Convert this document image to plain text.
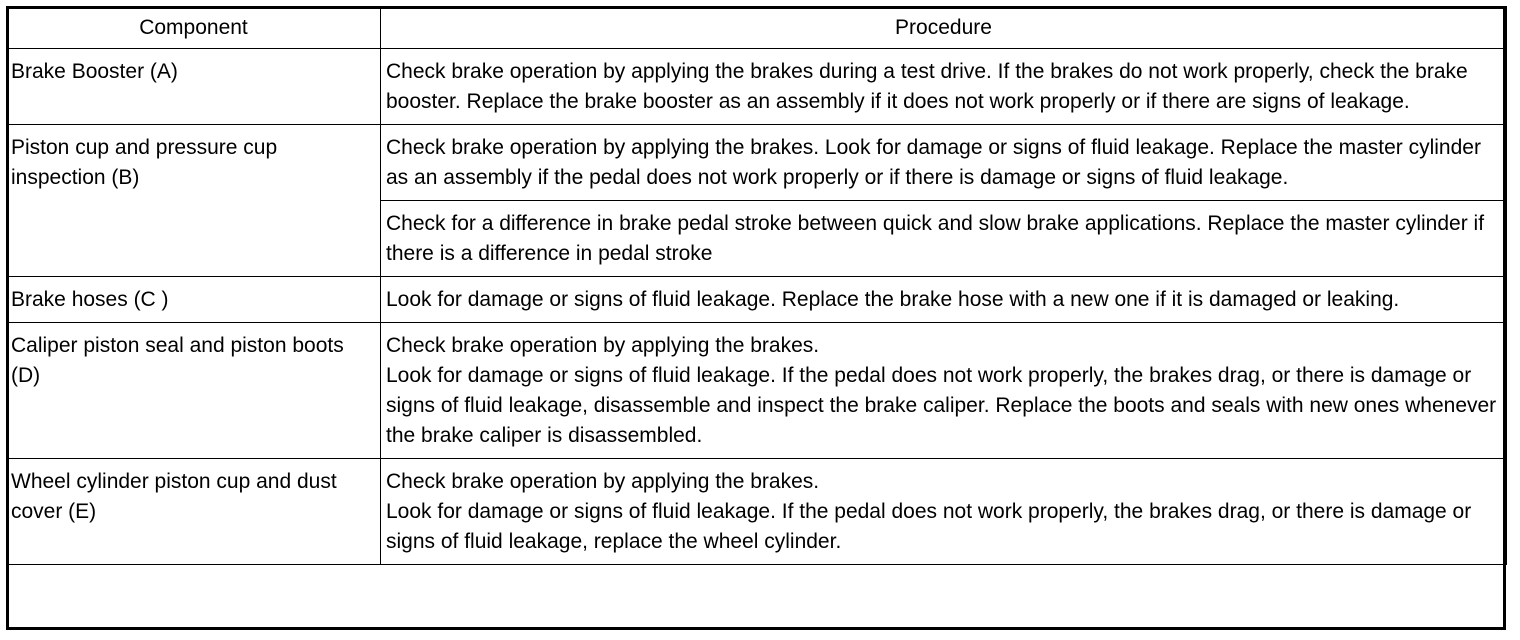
Component	Procedure
Brake Booster (A)	Check brake operation by applying the brakes during a test drive. If the brakes do not work properly, check the brake booster. Replace the brake booster as an assembly if it does not work properly or if there are signs of leakage.

Piston cup and pressure cup inspection (B)	Check brake operation by applying the brakes. Look for damage or signs of fluid leakage. Replace the master cylinder as an assembly if the pedal does not work properly or if there is damage or signs of fluid leakage.

	Check for a difference in brake pedal stroke between quick and slow brake applications. Replace the master cylinder if there is a difference in pedal stroke

Brake hoses (C )	Look for damage or signs of fluid leakage. Replace the brake hose with a new one if it is damaged or leaking.

Caliper piston seal and piston boots (D)	Check brake operation by applying the brakes.
Look for damage or signs of fluid leakage. If the pedal does not work properly, the brakes drag, or there is damage or signs of fluid leakage, disassemble and inspect the brake caliper. Replace the boots and seals with new ones whenever the brake caliper is disassembled.

Wheel cylinder piston cup and dust cover (E)	Check brake operation by applying the brakes.
Look for damage or signs of fluid leakage. If the pedal does not work properly, the brakes drag, or there is damage or signs of fluid leakage, replace the wheel cylinder.
